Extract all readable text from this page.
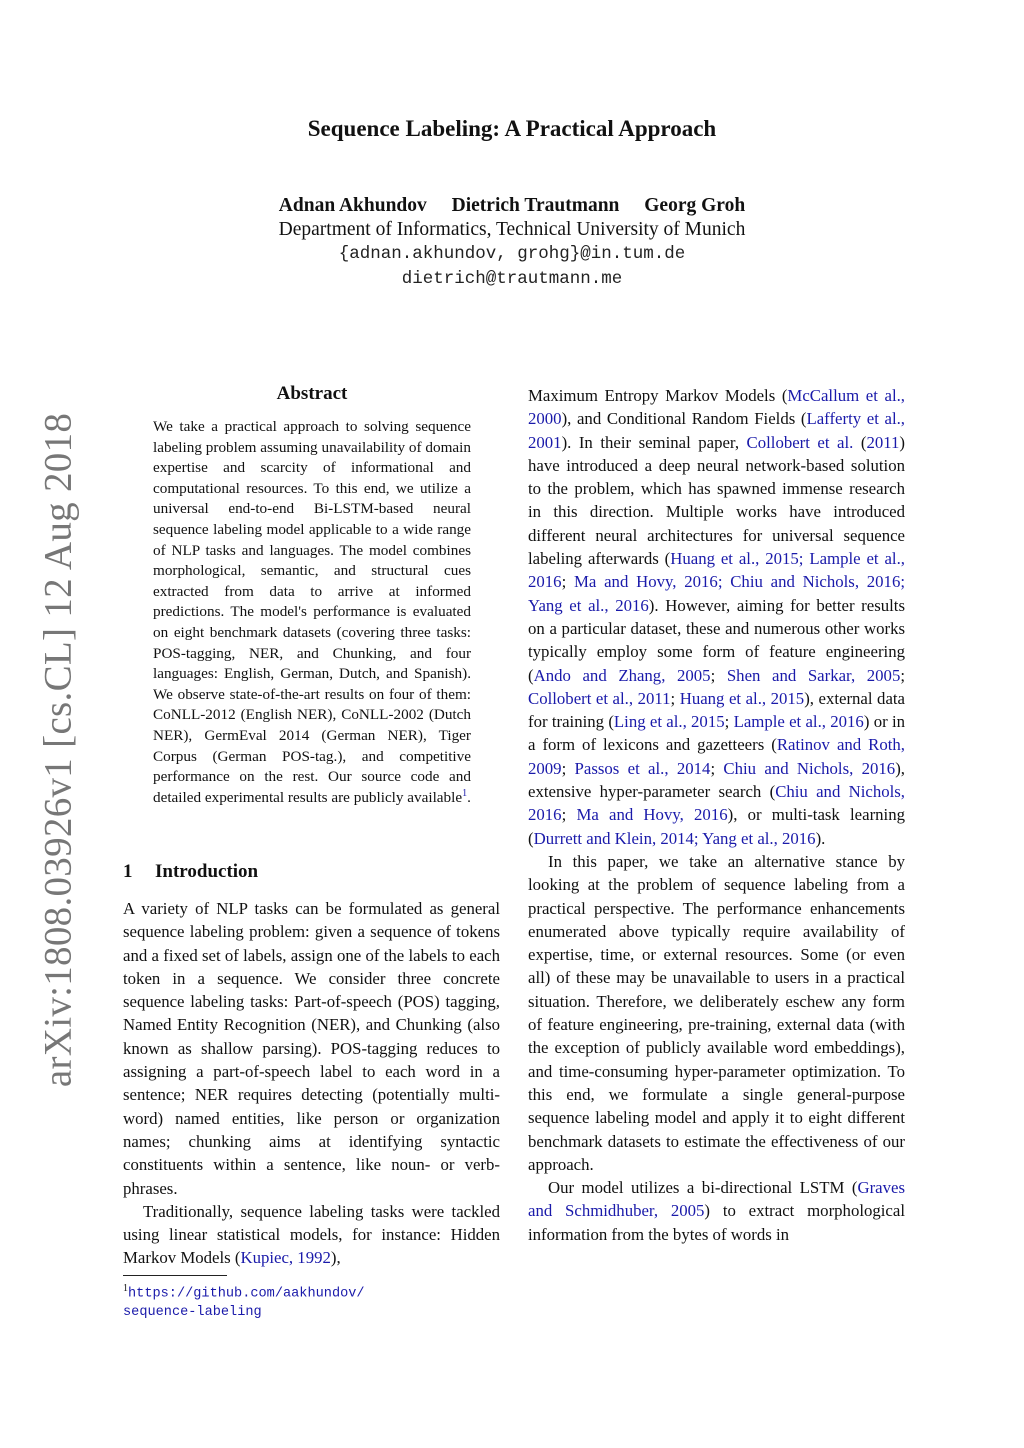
arXiv:1808.03926v1 [cs.CL] 12 Aug 2018
Sequence Labeling: A Practical Approach
Adnan Akhundov Dietrich Trautmann Georg Groh
Department of Informatics, Technical University of Munich
{adnan.akhundov, grohg}@in.tum.de
dietrich@trautmann.me
Abstract
We take a practical approach to solving sequence labeling problem assuming unavailability of domain expertise and scarcity of informational and computational resources. To this end, we utilize a universal end-to-end Bi-LSTM-based neural sequence labeling model applicable to a wide range of NLP tasks and languages. The model combines morphological, semantic, and structural cues extracted from data to arrive at informed predictions. The model's performance is evaluated on eight benchmark datasets (covering three tasks: POS-tagging, NER, and Chunking, and four languages: English, German, Dutch, and Spanish). We observe state-of-the-art results on four of them: CoNLL-2012 (English NER), CoNLL-2002 (Dutch NER), GermEval 2014 (German NER), Tiger Corpus (German POS-tag.), and competitive performance on the rest. Our source code and detailed experimental results are publicly available$^1$.
1 Introduction

A variety of NLP tasks can be formulated as general sequence labeling problem: given a sequence of tokens and a fixed set of labels, assign one of the labels to each token in a sequence. We consider three concrete sequence labeling tasks: Part-of-speech (POS) tagging, Named Entity Recognition (NER), and Chunking (also known as shallow parsing). POS-tagging reduces to assigning a part-of-speech label to each word in a sentence; NER requires detecting (potentially multi-word) named entities, like person or organization names; chunking aims at identifying syntactic constituents within a sentence, like noun- or verb-phrases.

Traditionally, sequence labeling tasks were tackled using linear statistical models, for instance: Hidden Markov Models (Kupiec, 1992),

$^1$https://github.com/aakhundov/
sequence-labeling

Maximum Entropy Markov Models (McCallum et al., 2000), and Conditional Random Fields (Lafferty et al., 2001). In their seminal paper, Collobert et al. (2011) have introduced a deep neural network-based solution to the problem, which has spawned immense research in this direction. Multiple works have introduced different neural architectures for universal sequence labeling afterwards (Huang et al., 2015; Lample et al., 2016; Ma and Hovy, 2016; Chiu and Nichols, 2016; Yang et al., 2016). However, aiming for better results on a particular dataset, these and numerous other works typically employ some form of feature engineering (Ando and Zhang, 2005; Shen and Sarkar, 2005; Collobert et al., 2011; Huang et al., 2015), external data for training (Ling et al., 2015; Lample et al., 2016) or in a form of lexicons and gazetteers (Ratinov and Roth, 2009; Passos et al., 2014; Chiu and Nichols, 2016), extensive hyper-parameter search (Chiu and Nichols, 2016; Ma and Hovy, 2016), or multi-task learning (Durrett and Klein, 2014; Yang et al., 2016).

In this paper, we take an alternative stance by looking at the problem of sequence labeling from a practical perspective. The performance enhancements enumerated above typically require availability of expertise, time, or external resources. Some (or even all) of these may be unavailable to users in a practical situation. Therefore, we deliberately eschew any form of feature engineering, pre-training, external data (with the exception of publicly available word embeddings), and time-consuming hyper-parameter optimization. To this end, we formulate a single general-purpose sequence labeling model and apply it to eight different benchmark datasets to estimate the effectiveness of our approach.

Our model utilizes a bi-directional LSTM (Graves and Schmidhuber, 2005) to extract morphological information from the bytes of words in
